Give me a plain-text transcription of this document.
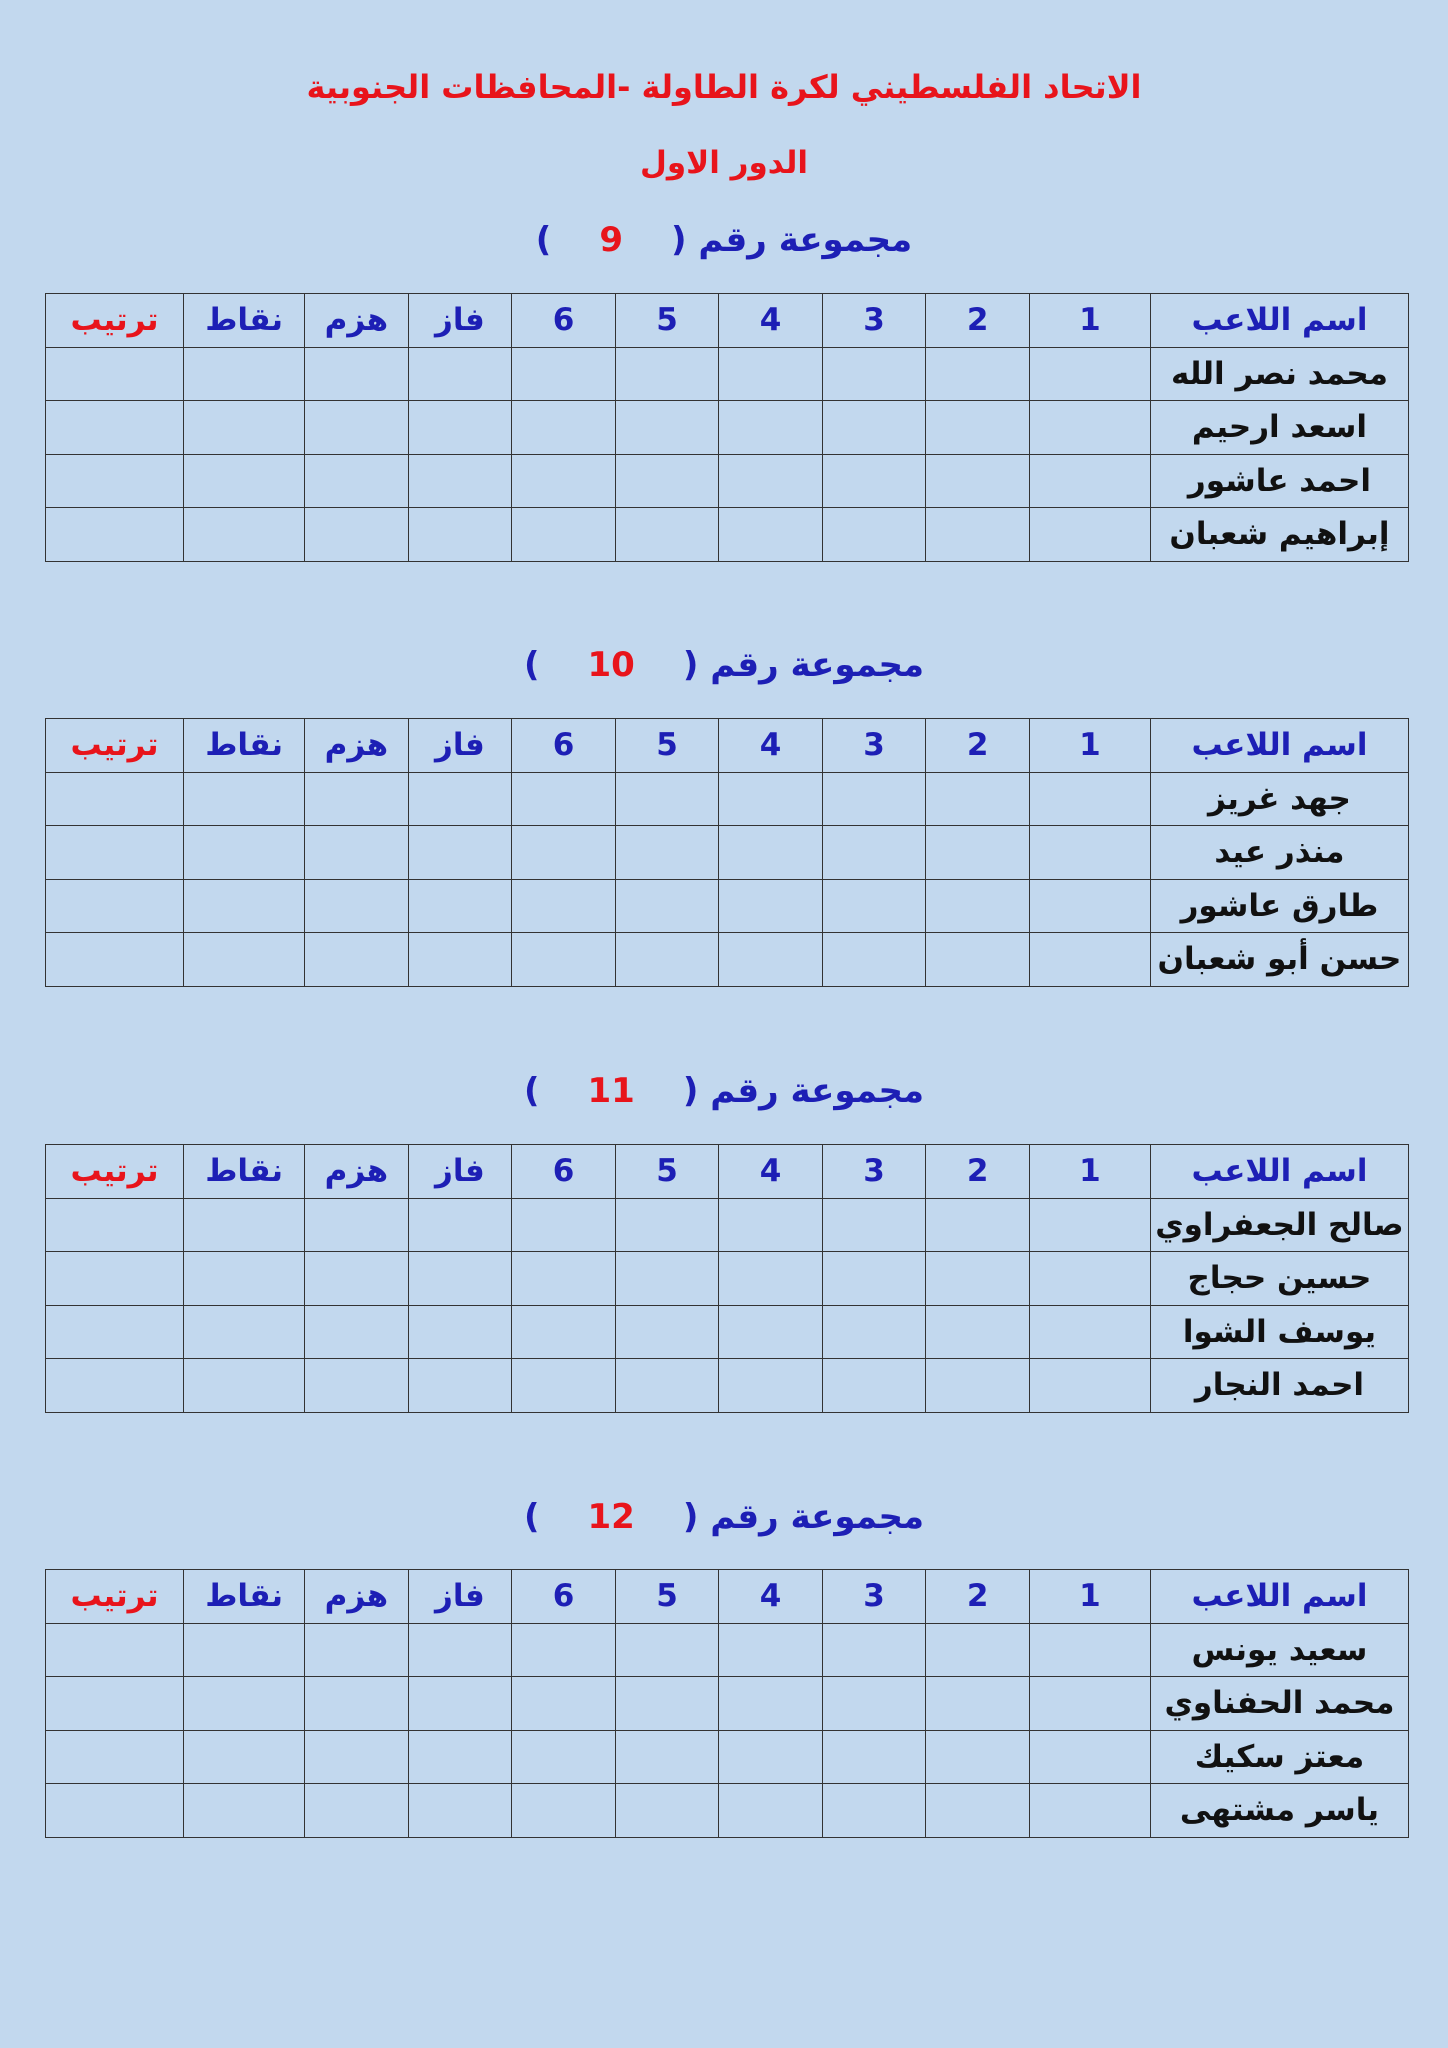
الاتحاد الفلسطيني لكرة الطاولة -المحافظات الجنوبية
الدور الاول
مجموعة رقم
(
9
)
اسم اللاعب	1	2	3	4	5	6	فاز	هزم	نقاط	ترتيب
محمد نصر الله										
اسعد ارحيم										
احمد عاشور										
إبراهيم شعبان										
مجموعة رقم
(
10
)
اسم اللاعب	1	2	3	4	5	6	فاز	هزم	نقاط	ترتيب
جهد غريز										
منذر عيد										
طارق عاشور										
حسن أبو شعبان										
مجموعة رقم
(
11
)
اسم اللاعب	1	2	3	4	5	6	فاز	هزم	نقاط	ترتيب
صالح الجعفراوي										
حسين حجاج										
يوسف الشوا										
احمد النجار										
مجموعة رقم
(
12
)
اسم اللاعب	1	2	3	4	5	6	فاز	هزم	نقاط	ترتيب
سعيد يونس										
محمد الحفناوي										
معتز سكيك										
ياسر مشتهى										
